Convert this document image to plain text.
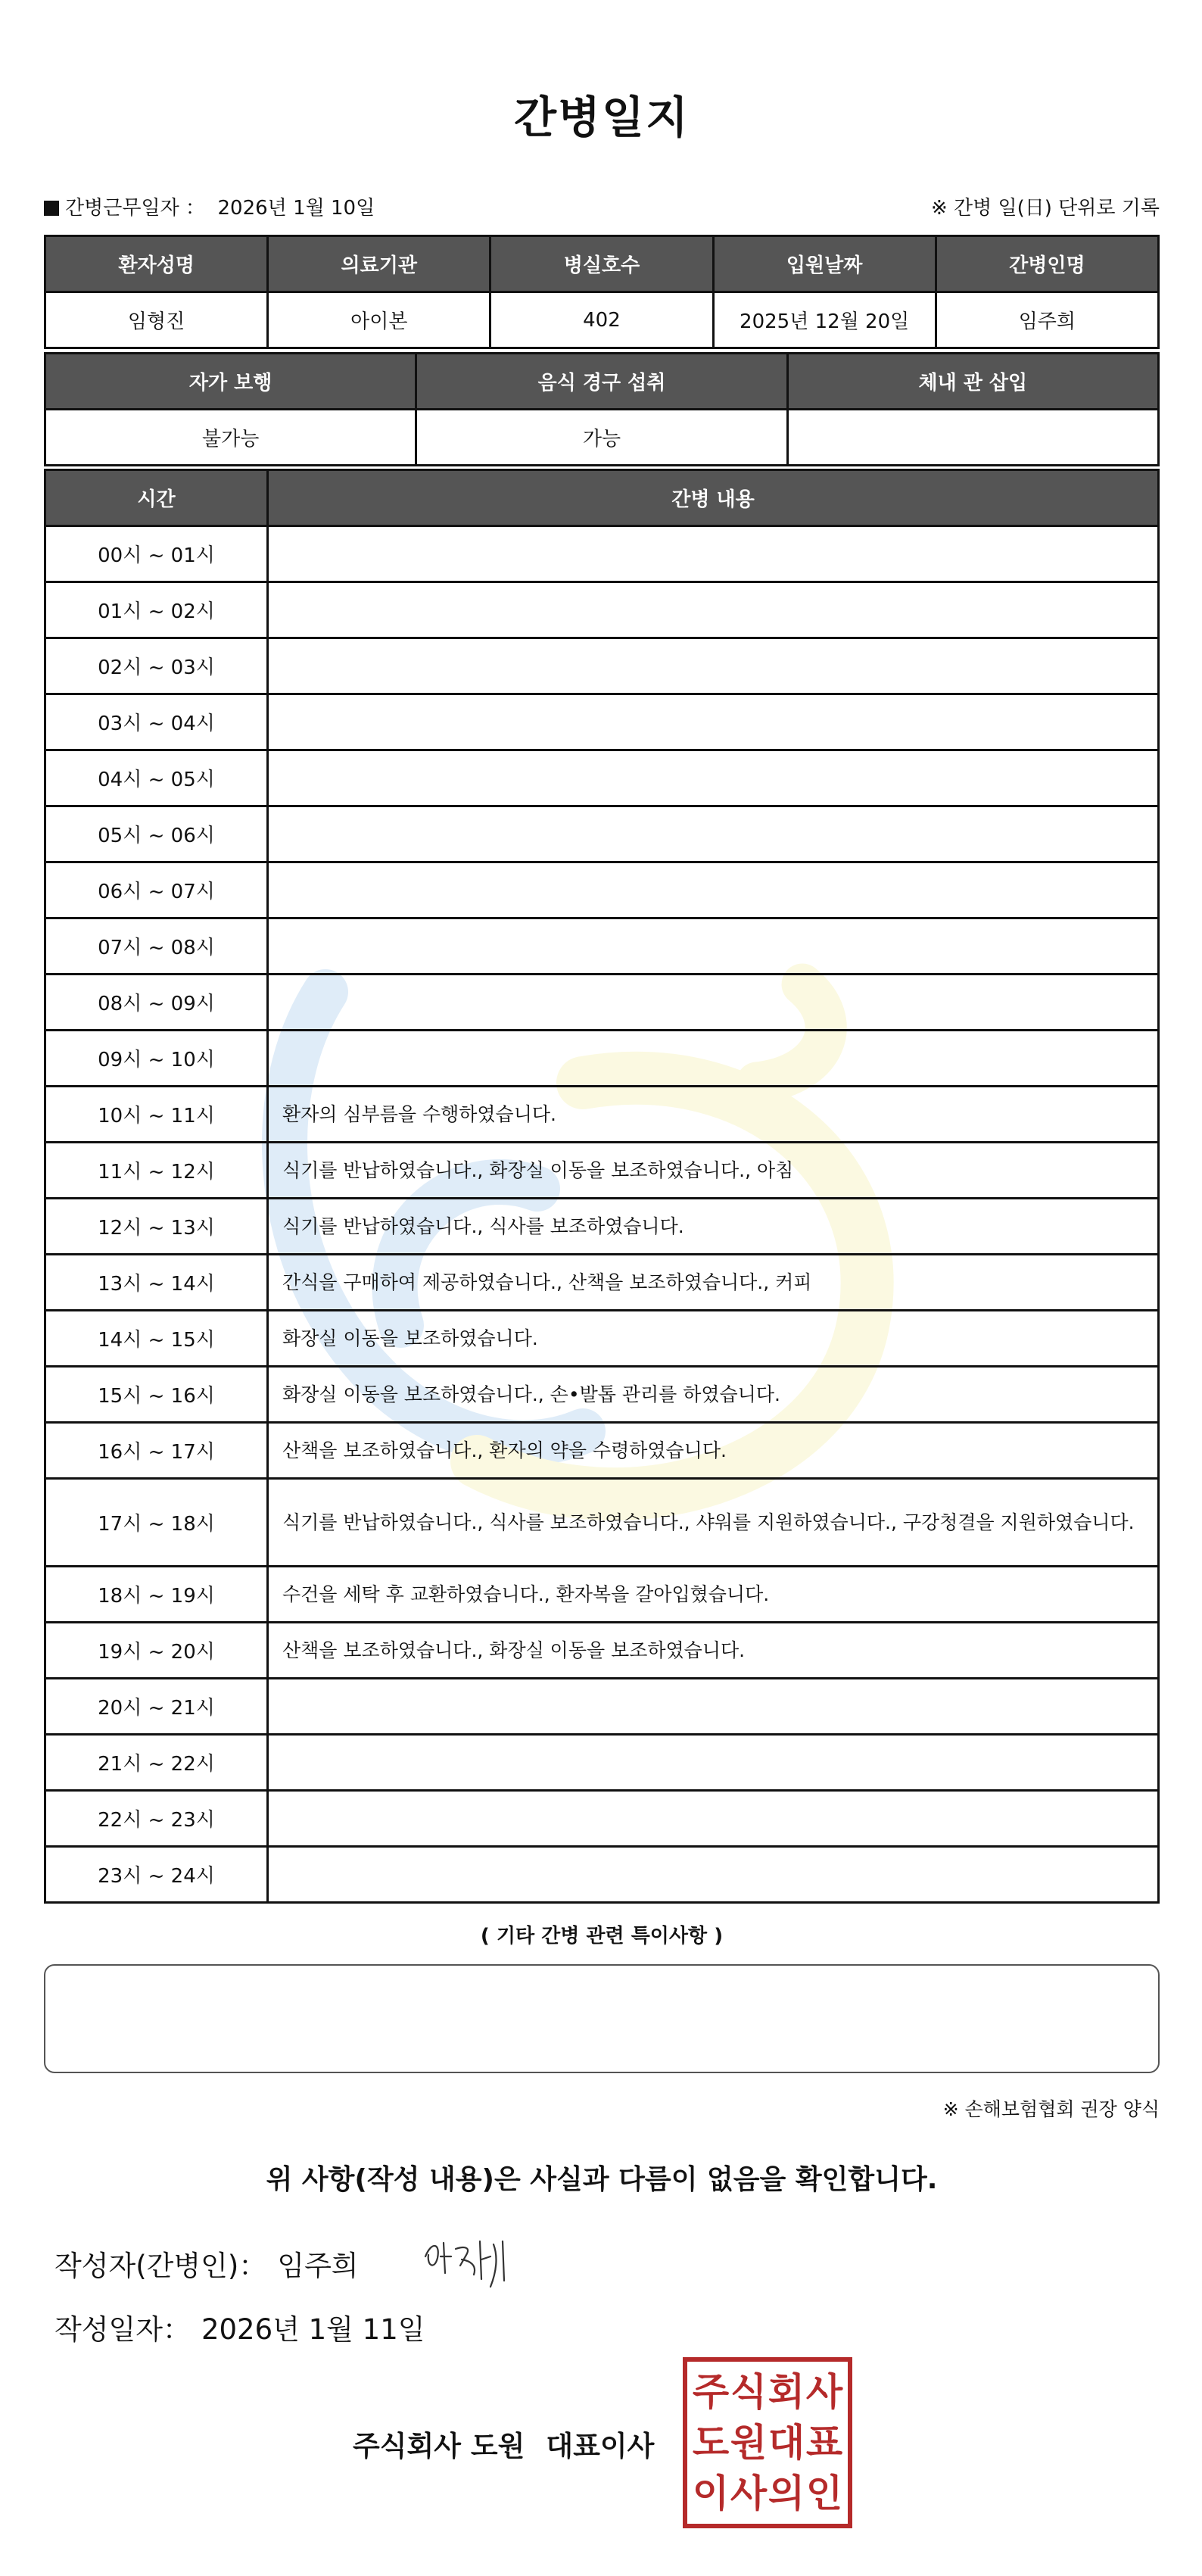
간병일지
간병근무일자 ： 2026년 1월 10일	※ 간병 일(日) 단위로 기록
환자성명	의료기관	병실호수	입원날짜	간병인명
임형진	아이본	402	2025년 12월 20일	임주희
자가 보행	음식 경구 섭취	체내 관 삽입
불가능	가능	
시간	간병 내용
00시 ~ 01시	
01시 ~ 02시	
02시 ~ 03시	
03시 ~ 04시	
04시 ~ 05시	
05시 ~ 06시	
06시 ~ 07시	
07시 ~ 08시	
08시 ~ 09시	
09시 ~ 10시	
10시 ~ 11시	환자의 심부름을 수행하였습니다.
11시 ~ 12시	식기를 반납하였습니다., 화장실 이동을 보조하였습니다., 아침
12시 ~ 13시	식기를 반납하였습니다., 식사를 보조하였습니다.
13시 ~ 14시	간식을 구매하여 제공하였습니다., 산책을 보조하였습니다., 커피
14시 ~ 15시	화장실 이동을 보조하였습니다.
15시 ~ 16시	화장실 이동을 보조하였습니다., 손•발톱 관리를 하였습니다.
16시 ~ 17시	산책을 보조하였습니다., 환자의 약을 수령하였습니다.
17시 ~ 18시	식기를 반납하였습니다., 식사를 보조하였습니다., 샤워를 지원하였습니다., 구강청결을 지원하였습니다.
18시 ~ 19시	수건을 세탁 후 교환하였습니다., 환자복을 갈아입혔습니다.
19시 ~ 20시	산책을 보조하였습니다., 화장실 이동을 보조하였습니다.
20시 ~ 21시	
21시 ~ 22시	
22시 ~ 23시	
23시 ~ 24시	
( 기타 간병 관련 특이사항 )
※ 손해보험협회 권장 양식
위 사항(작성 내용)은 사실과 다름이 없음을 확인합니다.
작성자(간병인)： 임주희
작성일자： 2026년 1월 11일
주식회사 도원 대표이사
주 식 회 사
도 원 대 표
이 사 의 인
